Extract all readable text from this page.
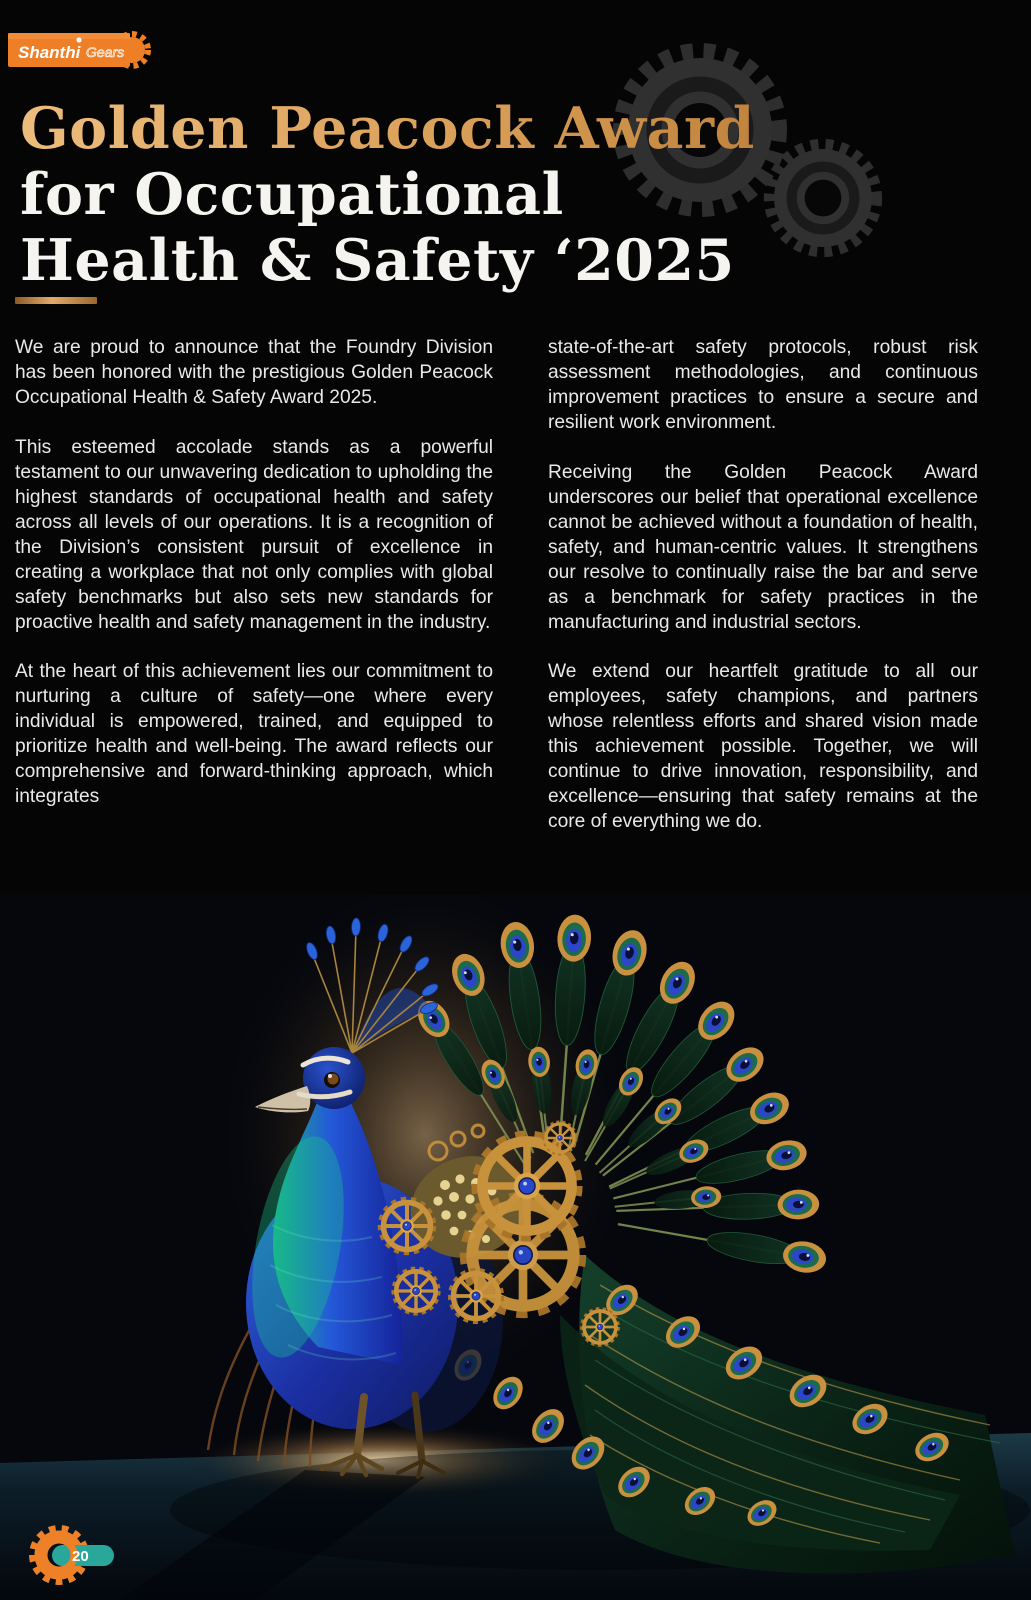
Shanthi Gears
Golden Peacock Award
for Occupational
Health & Safety ‘2025

We are proud to announce that the Foundry Division has been honored with the prestigious Golden Peacock Occupational Health & Safety Award 2025.

This esteemed accolade stands as a powerful testament to our unwavering dedication to upholding the highest standards of occupational health and safety across all levels of our operations. It is a recognition of the Division’s consistent pursuit of excellence in creating a workplace that not only complies with global safety benchmarks but also sets new standards for proactive health and safety management in the industry.

At the heart of this achievement lies our commitment to nurturing a culture of safety—one where every individual is empowered, trained, and equipped to prioritize health and well-being. The award reflects our comprehensive and forward-thinking approach, which integrates

state-of-the-art safety protocols, robust risk assessment methodologies, and continuous improvement practices to ensure a secure and resilient work environment.

Receiving the Golden Peacock Award underscores our belief that operational excellence cannot be achieved without a foundation of health, safety, and human-centric values. It strengthens our resolve to continually raise the bar and serve as a benchmark for safety practices in the manufacturing and industrial sectors.

We extend our heartfelt gratitude to all our employees, safety champions, and partners whose relentless efforts and shared vision made this achievement possible. Together, we will continue to drive innovation, responsibility, and excellence—ensuring that safety remains at the core of everything we do.

20
